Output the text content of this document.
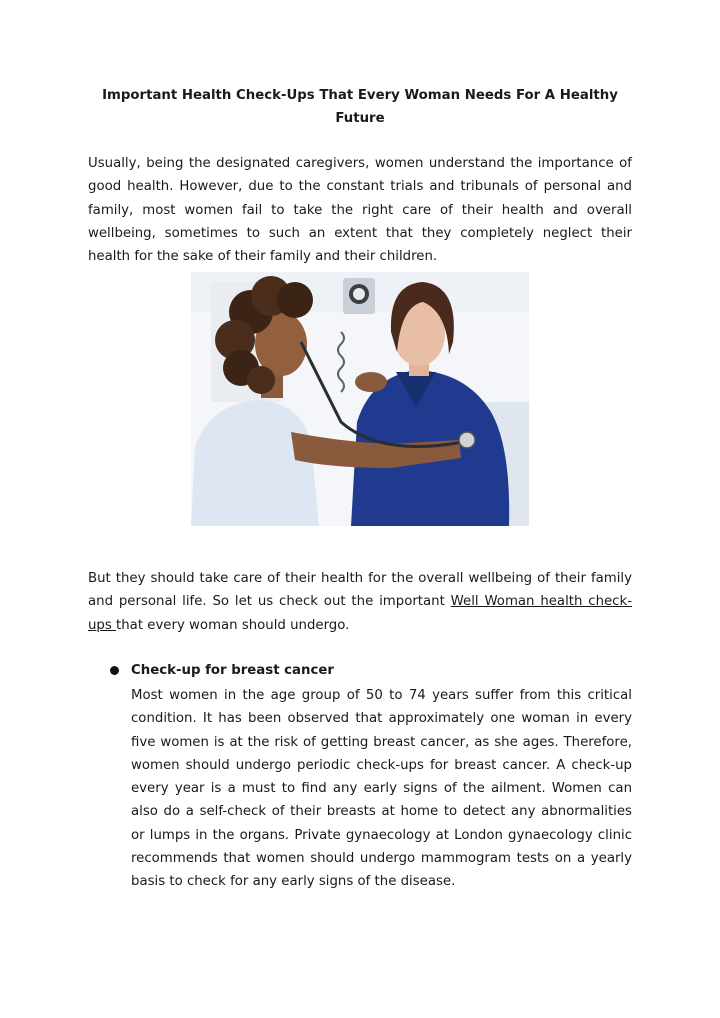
Important Health Check-Ups That Every Woman Needs For A Healthy Future

Usually, being the designated caregivers, women understand the importance of good health. However, due to the constant trials and tribunals of personal and family, most women fail to take the right care of their health and overall wellbeing, sometimes to such an extent that they completely neglect their health for the sake of their family and their children.

But they should take care of their health for the overall wellbeing of their family and personal life. So let us check out the important Well Woman health check-ups that every woman should undergo.

Check-up for breast cancer

Most women in the age group of 50 to 74 years suffer from this critical condition. It has been observed that approximately one woman in every five women is at the risk of getting breast cancer, as she ages. Therefore, women should undergo periodic check-ups for breast cancer. A check-up every year is a must to find any early signs of the ailment. Women can also do a self-check of their breasts at home to detect any abnormalities or lumps in the organs. Private gynaecology at London gynaecology clinic recommends that women should undergo mammogram tests on a yearly basis to check for any early signs of the disease.
